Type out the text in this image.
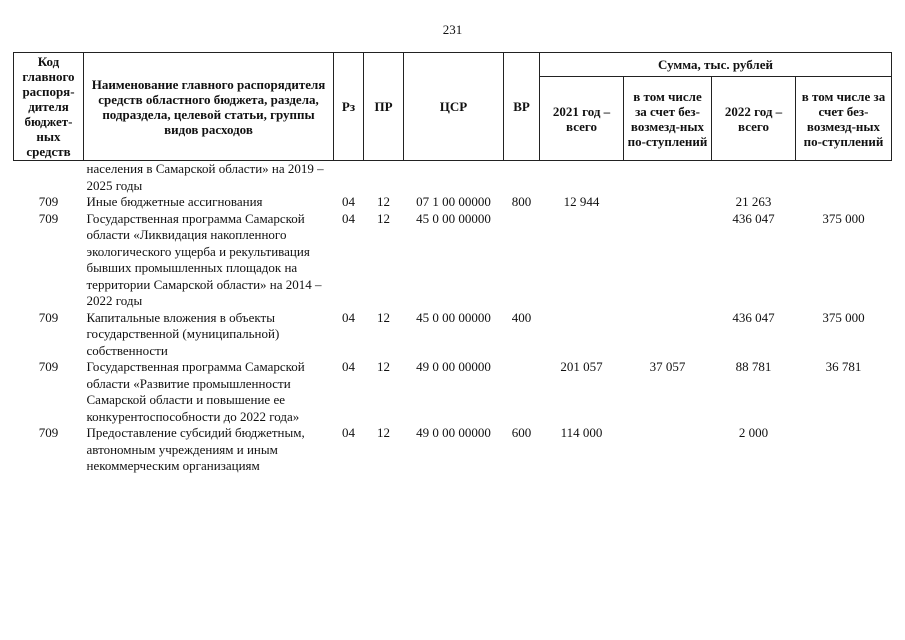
231
Код главного распоря-дителя бюджет-ных средств	Наименование главного распорядителя средств областного бюджета, раздела, подраздела, целевой статьи, группы видов расходов	Рз	ПР	ЦСР	ВР	Сумма, тыс. рублей			
						2021 год – всего	в том числе за счет без-возмезд-ных по-ступлений	2022 год – всего	в том числе за счет без-возмезд-ных по-ступлений
	населения в Самарской области» на 2019 – 2025 годы								
709	Иные бюджетные ассигнования	04	12	07 1 00 00000	800	12 944		21 263	
709	Государственная программа Самарской области «Ликвидация накопленного экологического ущерба и рекультивация бывших промышленных площадок на территории Самарской области» на 2014 – 2022 годы	04	12	45 0 00 00000				436 047	375 000
709	Капитальные вложения в объекты государственной (муниципальной) собственности	04	12	45 0 00 00000	400			436 047	375 000
709	Государственная программа Самарской области «Развитие промышленности Самарской области и повышение ее конкурентоспособности до 2022 года»	04	12	49 0 00 00000		201 057	37 057	88 781	36 781
709	Предоставление субсидий бюджетным, автономным учреждениям и иным некоммерческим организациям	04	12	49 0 00 00000	600	114 000		2 000	
